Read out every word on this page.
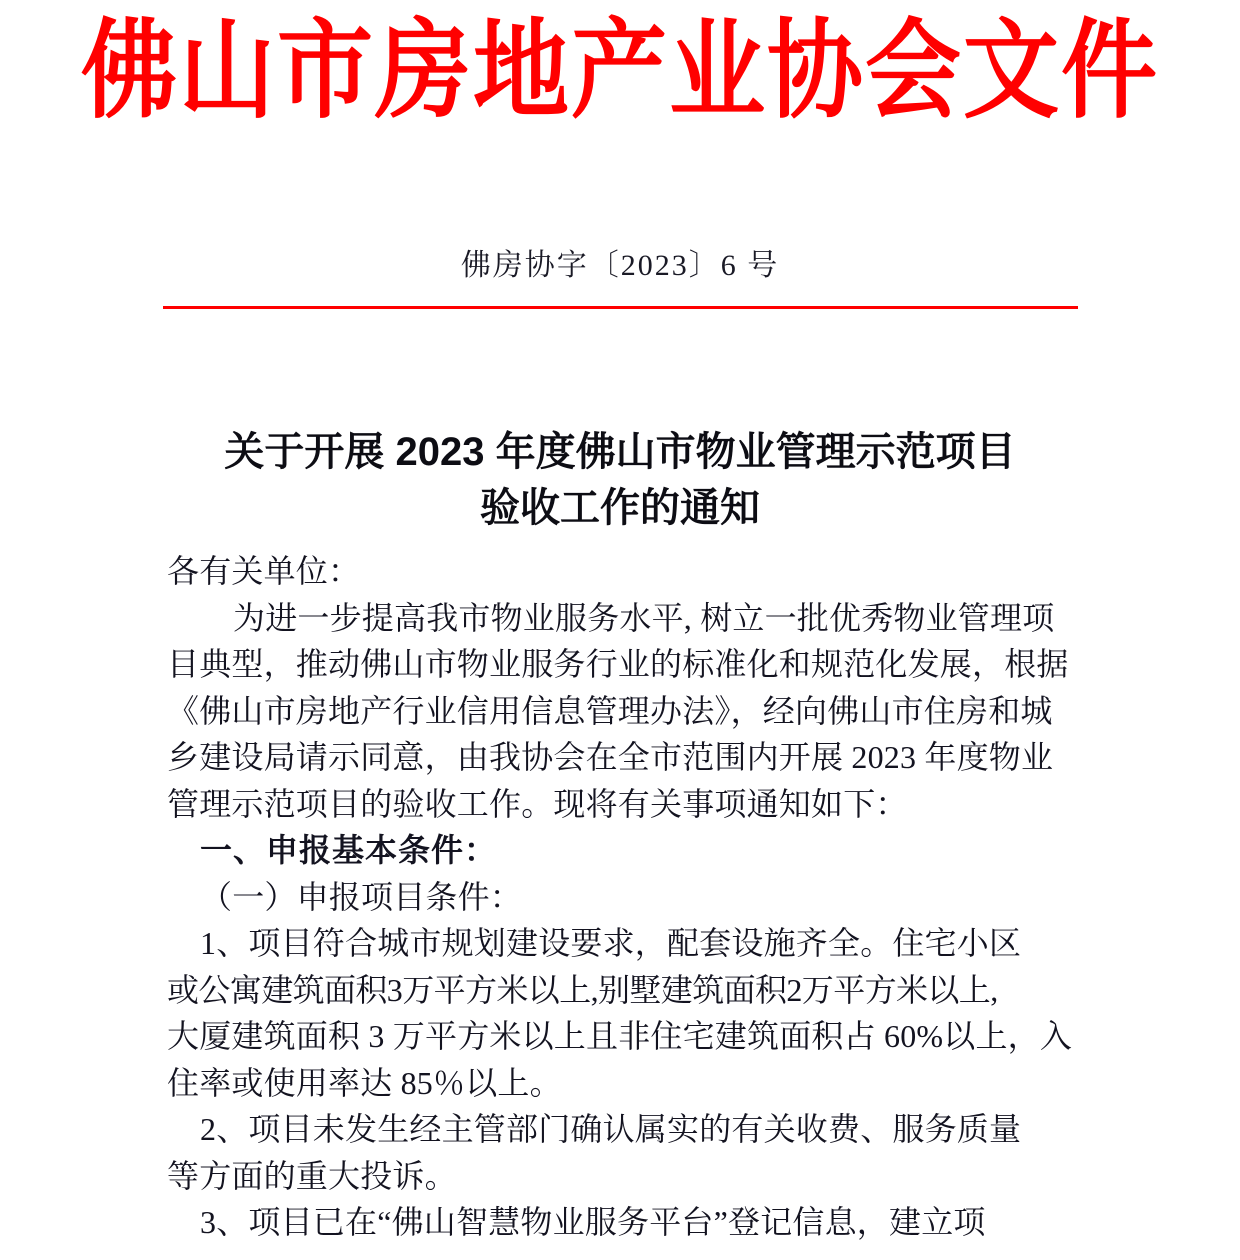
佛山市房地产业协会文件
佛房协字〔2023〕6 号
关于开展 2023 年度佛山市物业管理示范项目
验收工作的通知
各有关单位：
为进一步提高我市物业服务水平, 树立一批优秀物业管理项
目典型，推动佛山市物业服务行业的标准化和规范化发展，根据
《佛山市房地产行业信用信息管理办法》，经向佛山市住房和城
乡建设局请示同意，由我协会在全市范围内开展 2023 年度物业
管理示范项目的验收工作。现将有关事项通知如下：
一、申报基本条件：
（一）申报项目条件：
1、项目符合城市规划建设要求，配套设施齐全。住宅小区
或公寓建筑面积3万平方米以上,别墅建筑面积2万平方米以上,
大厦建筑面积 3 万平方米以上且非住宅建筑面积占 60%以上，入
住率或使用率达 85％以上。
2、项目未发生经主管部门确认属实的有关收费、服务质量
等方面的重大投诉。
3、项目已在“佛山智慧物业服务平台”登记信息，建立项
